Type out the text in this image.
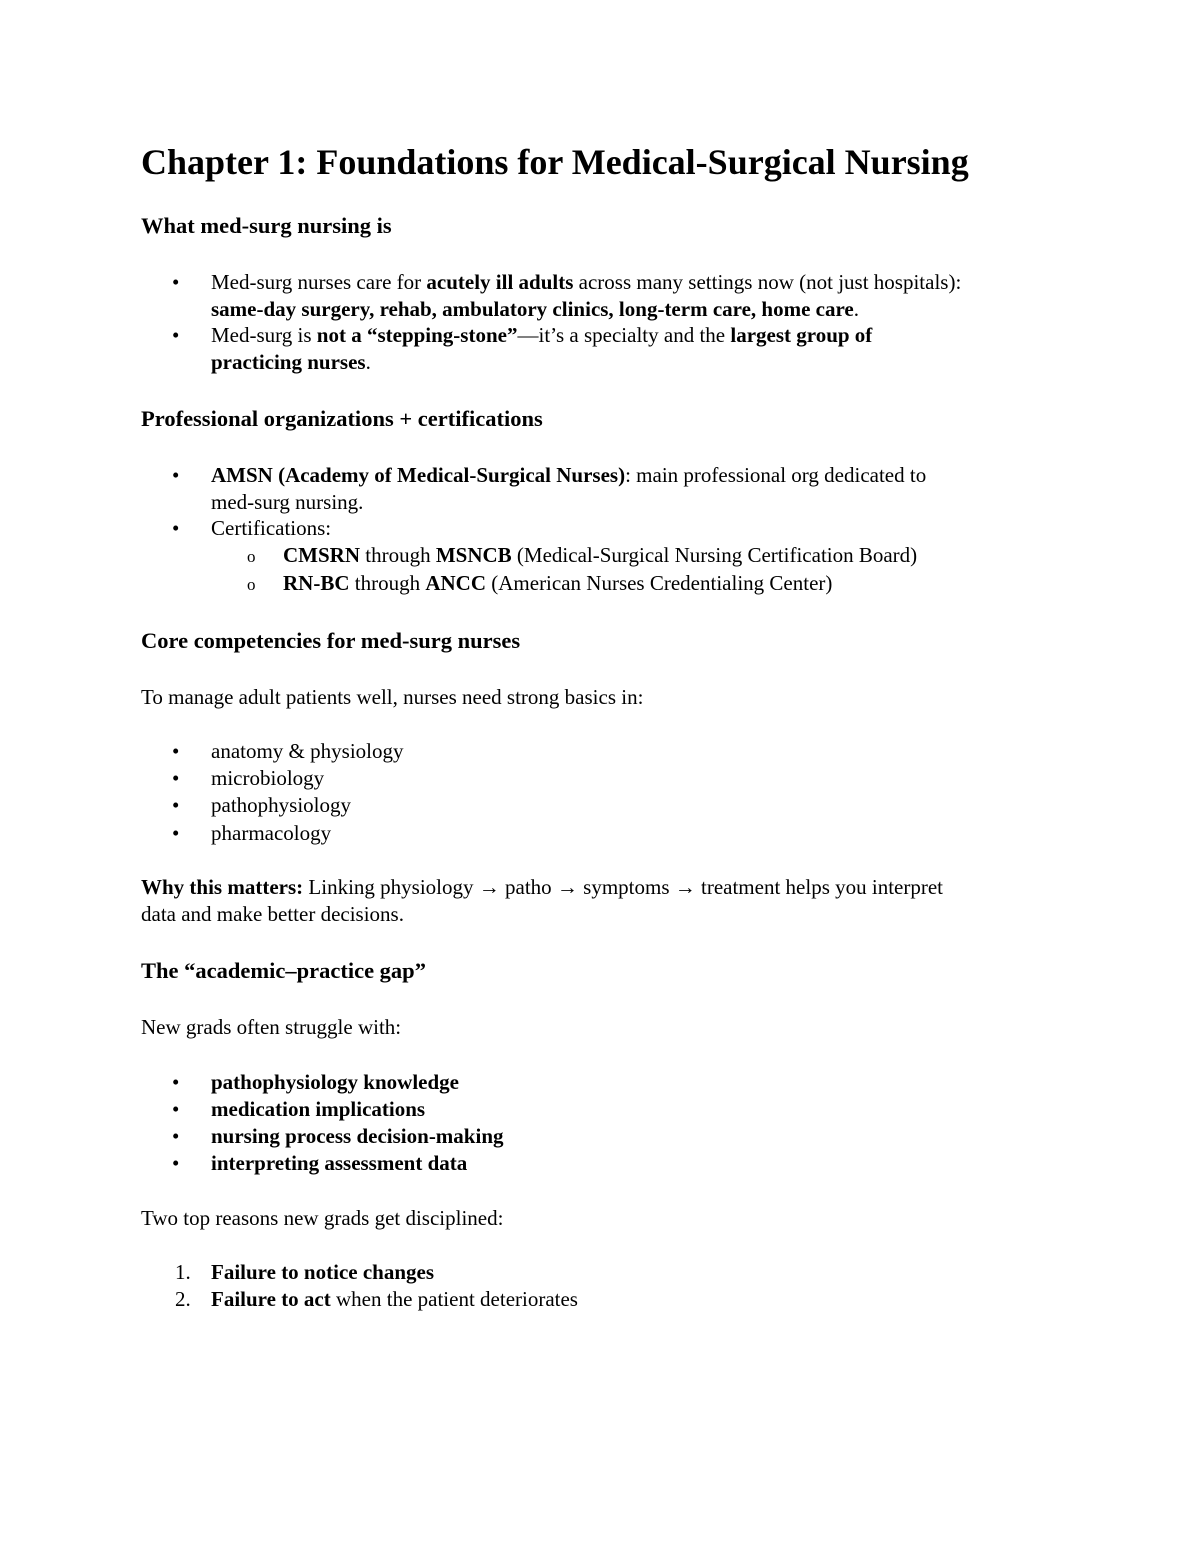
Chapter 1: Foundations for Medical-Surgical Nursing
What med-surg nursing is
• Med-surg nurses care for acutely ill adults across many settings now (not just hospitals):
same-day surgery, rehab, ambulatory clinics, long-term care, home care.
• Med-surg is not a “stepping-stone”—it’s a specialty and the largest group of
practicing nurses.
Professional organizations + certifications
• AMSN (Academy of Medical-Surgical Nurses): main professional org dedicated to
med-surg nursing.
• Certifications:
o CMSRN through MSNCB (Medical-Surgical Nursing Certification Board)
o RN-BC through ANCC (American Nurses Credentialing Center)
Core competencies for med-surg nurses
To manage adult patients well, nurses need strong basics in:
• anatomy & physiology
• microbiology
• pathophysiology
• pharmacology
Why this matters: Linking physiology → patho → symptoms → treatment helps you interpret
data and make better decisions.
The “academic–practice gap”
New grads often struggle with:
• pathophysiology knowledge
• medication implications
• nursing process decision-making
• interpreting assessment data
Two top reasons new grads get disciplined:
1. Failure to notice changes
2. Failure to act when the patient deteriorates
